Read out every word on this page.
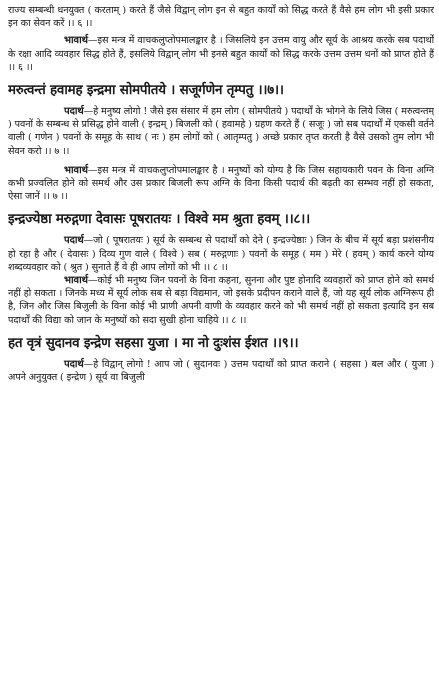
राज्य सम्बन्धी धनयुक्त ( करताम् ) करते हैं जैसे विद्वान् लोग इन से बहुत कार्यों को सिद्ध करते हैं वैसे हम लोग भी इसी प्रकार इन का सेवन करें ।। ६ ।।

भावार्थ—इस मन्त्र में वाचकलुप्तोपमालङ्कार है । जिसलिये इन उत्तम वायु और सूर्य के आश्रय करके सब पदार्थों के रक्षा आदि व्यवहार सिद्ध होते हैं, इसलिये विद्वान् लोग भी इनसे बहुत कार्यों को सिद्ध करके उत्तम उत्तम धनों को प्राप्त होते हैं ।। ६ ।।

मरुत्वन्तं हवामह इन्द्रमा सोमपीतये । सजूर्गणेन तृम्पतु ।।७।।

पदार्थ—हे मनुष्य लोगो ! जैसे इस संसार में हम लोग ( सोमपीतये ) पदार्थों के भोगने के लिये जिस ( मरुत्वन्तम् ) पवनों के सम्बन्ध से प्रसिद्ध होने वाली ( इन्द्रम् ) बिजली को ( हवामहे ) ग्रहण करते हैं ( सजूः ) जो सब पदार्थों में एकसी वर्तने वाली ( गणेन ) पवनों के समूह के साथ ( नः ) हम लोगों को ( आतृम्पतु ) अच्छे प्रकार तृप्त करती है वैसे उसको तुम लोग भी सेवन करो ।। ७ ।।

भावार्थ—इस मन्त्र में वाचकलुप्तोपमालङ्कार है । मनुष्यों को योग्य है कि जिस सहायकारी पवन के विना अग्नि कभी प्रज्वलित होने को समर्थ और उस प्रकार बिजली रूप अग्नि के विना किसी पदार्थ की बढ़ती का सम्भव नहीं हो सकता, ऐसा जानें ।। ७ ।।

इन्द्रज्येष्ठा मरुद्गणा देवासः पूषरातयः । विश्वे मम श्रुता हवम् ।।८।।

पदार्थ—जो ( पूषरातयः ) सूर्य के सम्बन्ध से पदार्थों को देने ( इन्द्रज्येष्ठाः ) जिन के बीच में सूर्य बड़ा प्रशंसनीय हो रहा है और ( देवासः ) दिव्य गुण वाले ( विश्वे ) सब ( मरुद्गणाः ) पवनों के समूह ( मम ) मेरे ( हवम् ) कार्य करने योग्य शब्दव्यवहार को ( श्रुत ) सुनाते हैं वे ही आप लोगों को भी ।। ८ ।।

भावार्थ—कोई भी मनुष्य जिन पवनों के विना कहना, सुनना और पुष्ट होनादि व्यवहारों को प्राप्त होने को समर्थ नहीं हो सकता । जिनके मध्य में सूर्य लोक सब से बड़ा विद्यमान, जो इसके प्रदीपन कराने वाले हैं, जो यह सूर्य लोक अग्निरूप ही है, जिन और जिस बिजुली के विना कोई भी प्राणी अपनी वाणी के व्यवहार करने को भी समर्थ नहीं हो सकता इत्यादि इन सब पदार्थों की विद्या को जान के मनुष्यों को सदा सुखी होना चाहिये ।। ८ ।।

हत वृत्रं सुदानव इन्द्रेण सहसा युजा । मा नो दुःशंस ईशत ।।९।।

पदार्थ—हे विद्वान् लोगो ! आप जो ( सुदानवः ) उत्तम पदार्थों को प्राप्त कराने ( सहसा ) बल और ( युजा ) अपने अनुयुक्त ( इन्द्रेण ) सूर्य वा बिजुली
